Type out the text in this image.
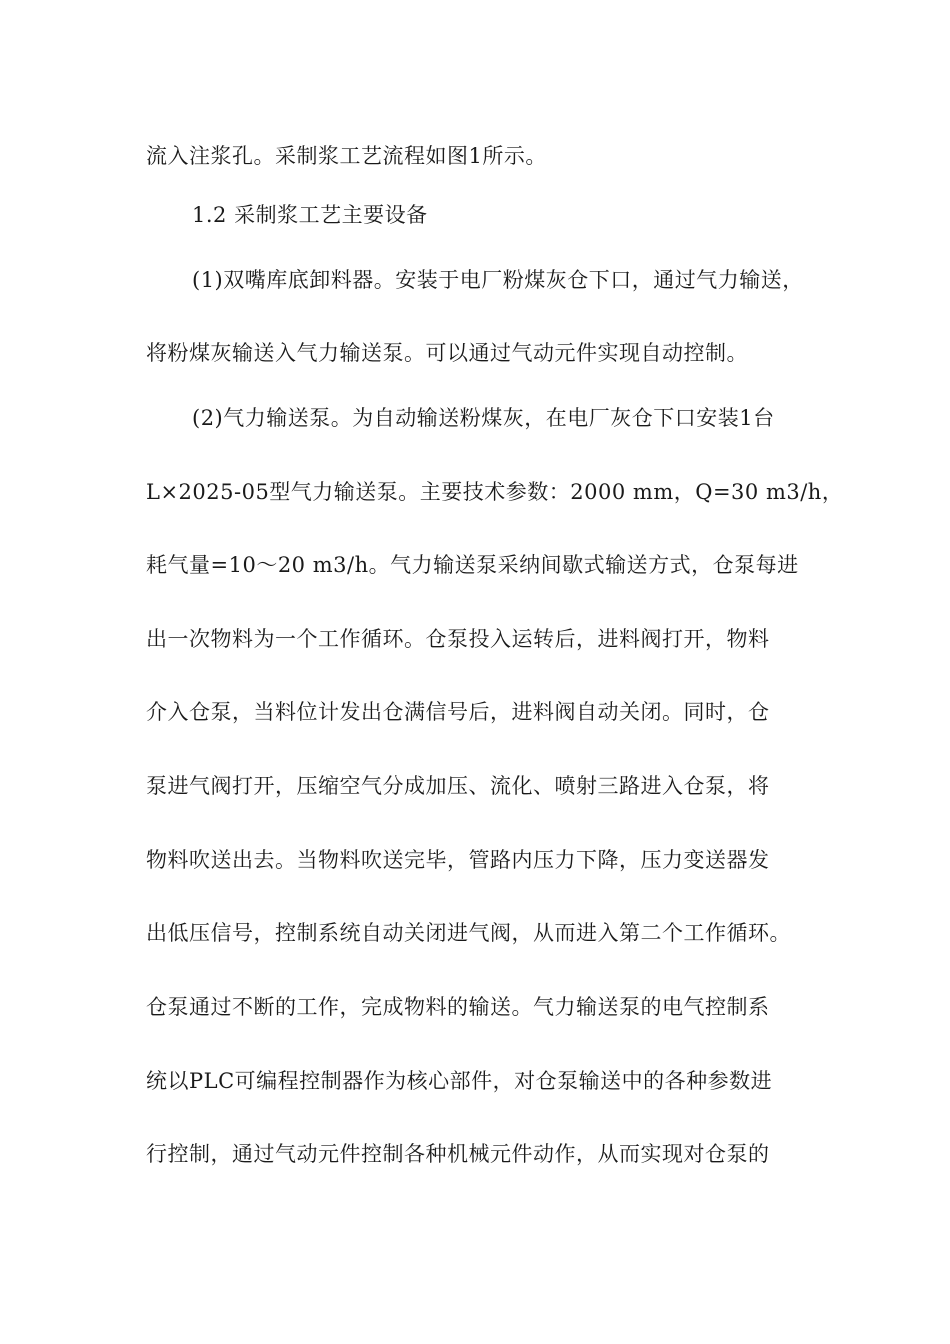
流入注浆孔。采制浆工艺流程如图1所示。
1.2 采制浆工艺主要设备
(1)双嘴库底卸料器。安装于电厂粉煤灰仓下口，通过气力输送，
将粉煤灰输送入气力输送泵。可以通过气动元件实现自动控制。
(2)气力输送泵。为自动输送粉煤灰，在电厂灰仓下口安装1台
L×2025-05型气力输送泵。主要技术参数：2000 mm，Q=30 m3/h，
耗气量=10～20 m3/h。气力输送泵采纳间歇式输送方式，仓泵每进
出一次物料为一个工作循环。仓泵投入运转后，进料阀打开，物料
介入仓泵，当料位计发出仓满信号后，进料阀自动关闭。同时，仓
泵进气阀打开，压缩空气分成加压、流化、喷射三路进入仓泵，将
物料吹送出去。当物料吹送完毕，管路内压力下降，压力变送器发
出低压信号，控制系统自动关闭进气阀，从而进入第二个工作循环。
仓泵通过不断的工作，完成物料的输送。气力输送泵的电气控制系
统以PLC可编程控制器作为核心部件，对仓泵输送中的各种参数进
行控制，通过气动元件控制各种机械元件动作，从而实现对仓泵的
